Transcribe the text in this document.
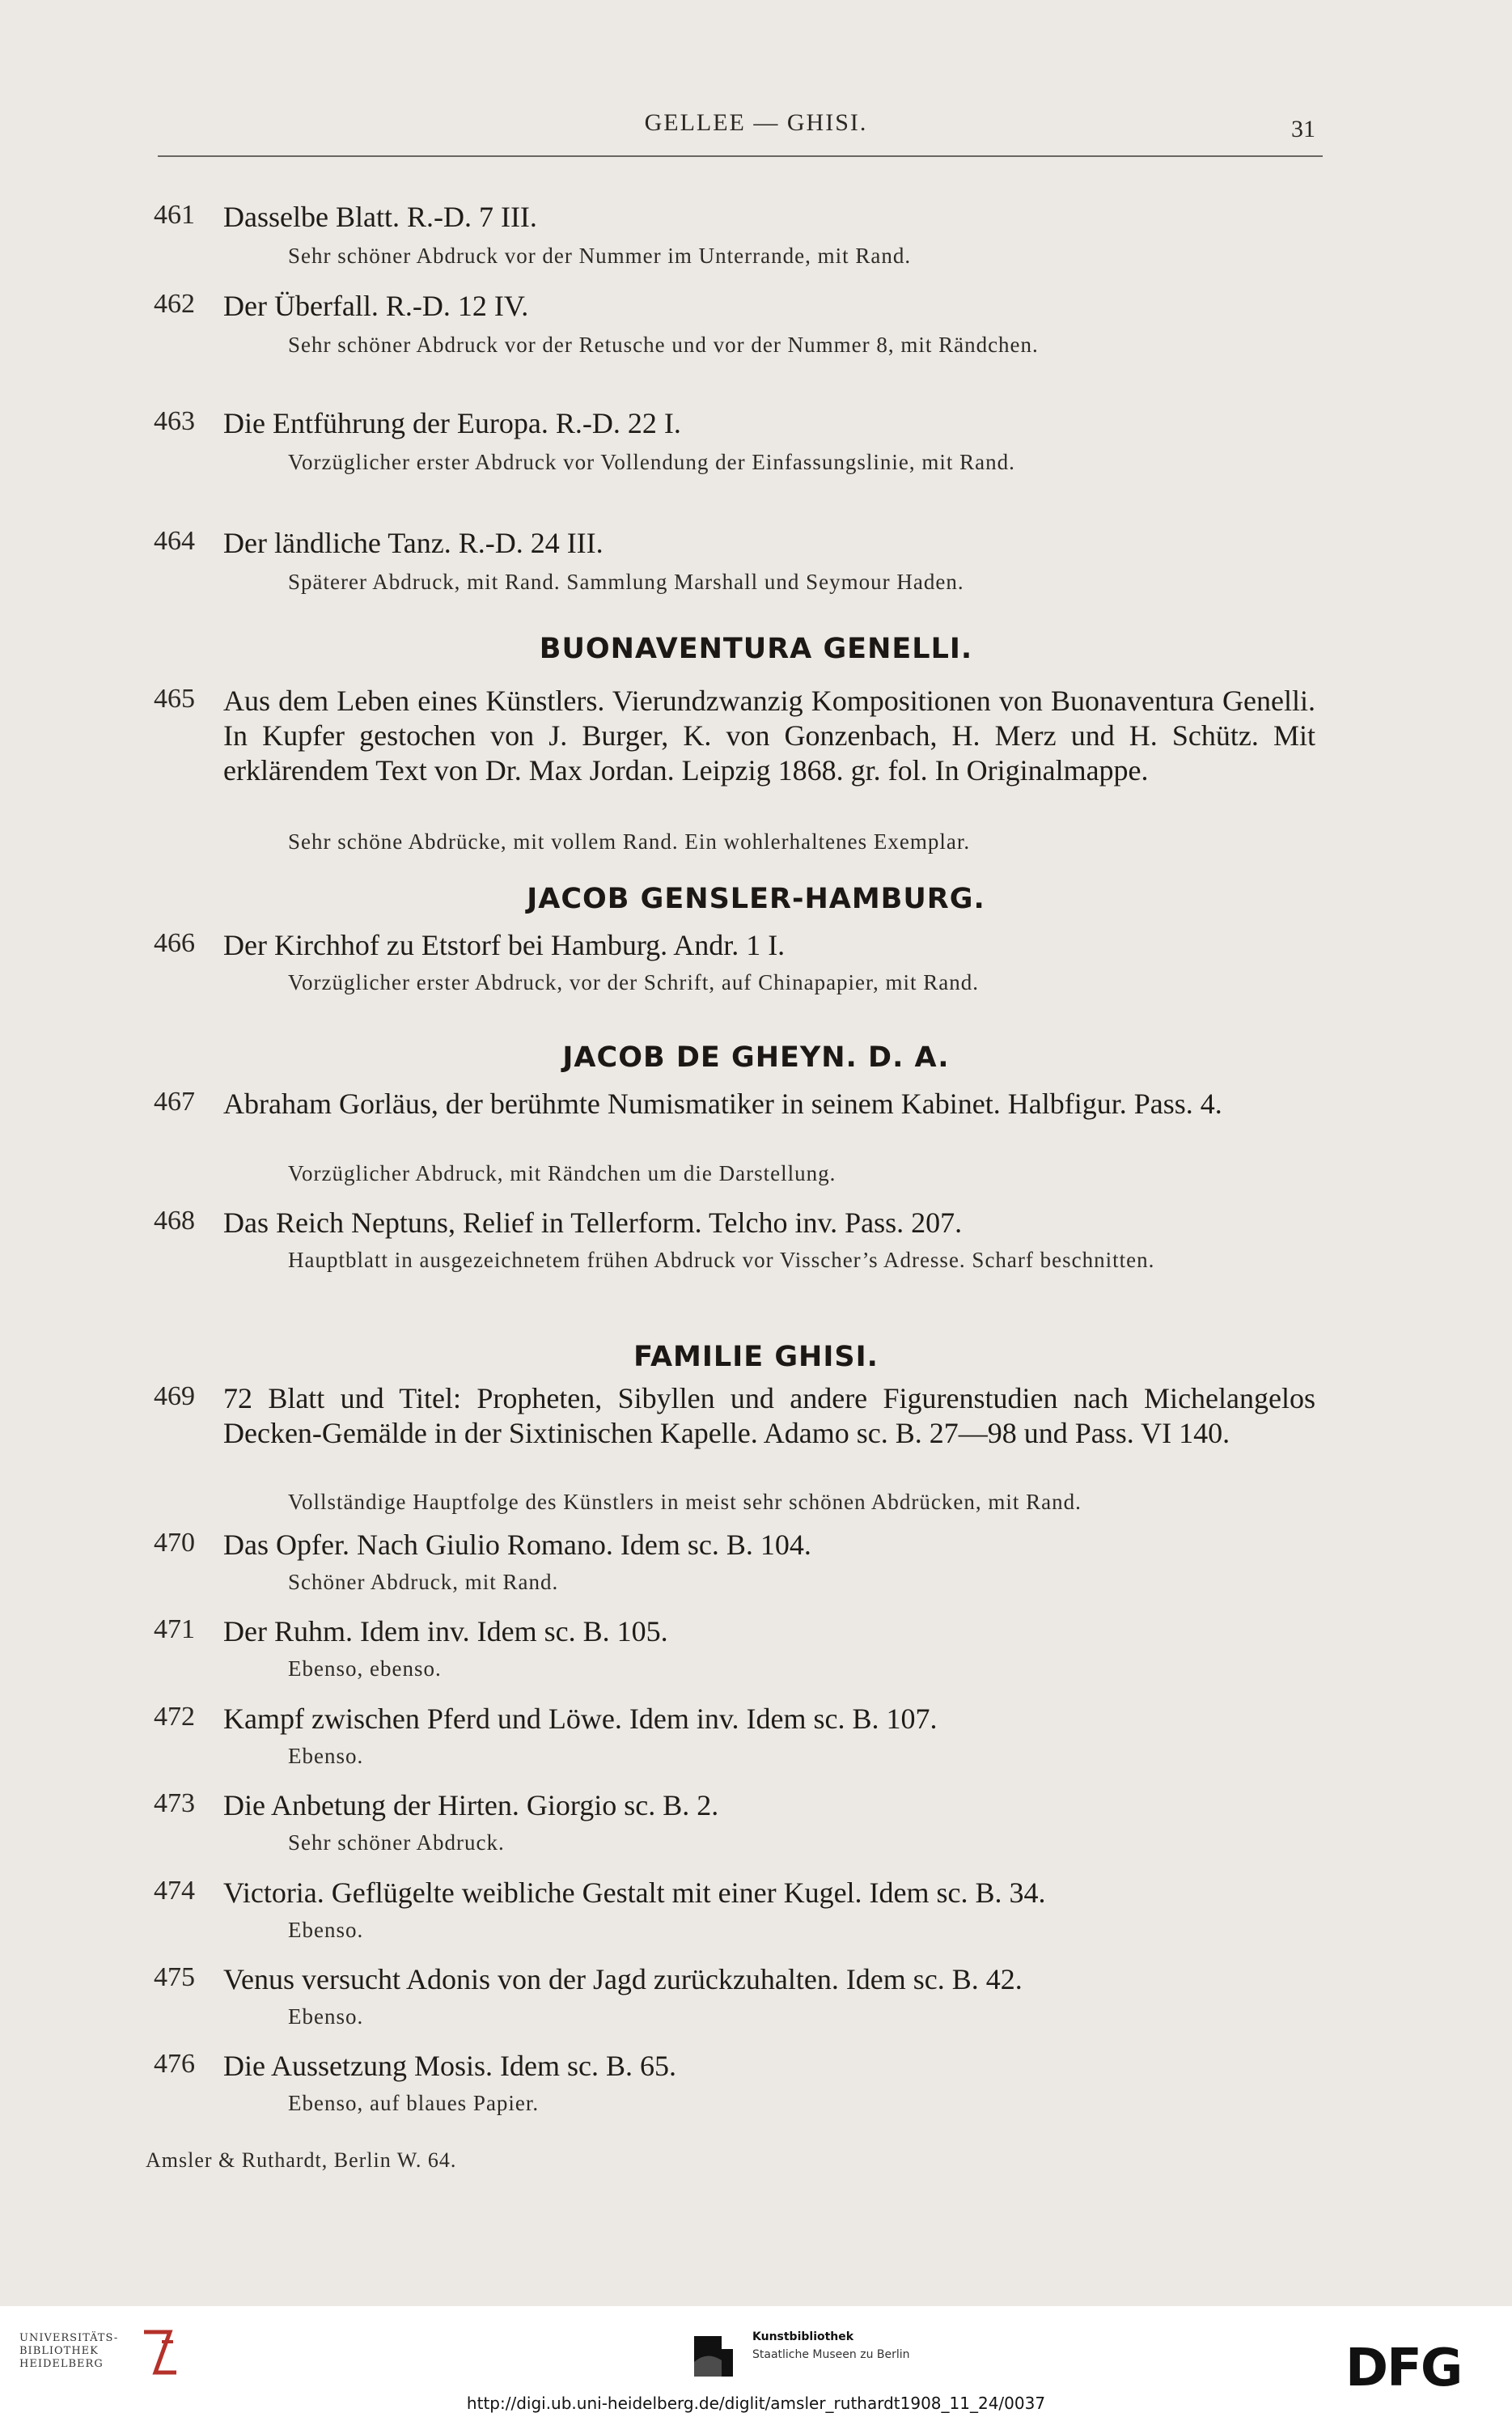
GELLEE — GHISI.	31
461 Dasselbe Blatt. R.-D. 7 III.
Sehr schöner Abdruck vor der Nummer im Unterrande, mit Rand.
462 Der Überfall. R.-D. 12 IV.
Sehr schöner Abdruck vor der Retusche und vor der Nummer 8, mit Rändchen.
463 Die Entführung der Europa. R.-D. 22 I.
Vorzüglicher erster Abdruck vor Vollendung der Einfassungslinie, mit Rand.
464 Der ländliche Tanz. R.-D. 24 III.
Späterer Abdruck, mit Rand. Sammlung Marshall und Seymour Haden.
BUONAVENTURA GENELLI.
465 Aus dem Leben eines Künstlers. Vierundzwanzig Kompositionen von Buonaventura Genelli. In Kupfer gestochen von J. Burger, K. von Gonzenbach, H. Merz und H. Schütz. Mit erklärendem Text von Dr. Max Jordan. Leipzig 1868. gr. fol. In Originalmappe.
Sehr schöne Abdrücke, mit vollem Rand. Ein wohlerhaltenes Exemplar.
JACOB GENSLER-HAMBURG.
466 Der Kirchhof zu Etstorf bei Hamburg. Andr. 1 I.
Vorzüglicher erster Abdruck, vor der Schrift, auf Chinapapier, mit Rand.
JACOB DE GHEYN. D. A.
467 Abraham Gorläus, der berühmte Numismatiker in seinem Kabinet. Halbfigur. Pass. 4.
Vorzüglicher Abdruck, mit Rändchen um die Darstellung.
468 Das Reich Neptuns, Relief in Tellerform. Telcho inv. Pass. 207.
Hauptblatt in ausgezeichnetem frühen Abdruck vor Visscher’s Adresse. Scharf beschnitten.
FAMILIE GHISI.
469 72 Blatt und Titel: Propheten, Sibyllen und andere Figurenstudien nach Michelangelos Decken-Gemälde in der Sixtinischen Kapelle. Adamo sc. B. 27—98 und Pass. VI 140.
Vollständige Hauptfolge des Künstlers in meist sehr schönen Abdrücken, mit Rand.
470 Das Opfer. Nach Giulio Romano. Idem sc. B. 104.
Schöner Abdruck, mit Rand.
471 Der Ruhm. Idem inv. Idem sc. B. 105.
Ebenso, ebenso.
472 Kampf zwischen Pferd und Löwe. Idem inv. Idem sc. B. 107.
Ebenso.
473 Die Anbetung der Hirten. Giorgio sc. B. 2.
Sehr schöner Abdruck.
474 Victoria. Geflügelte weibliche Gestalt mit einer Kugel. Idem sc. B. 34.
Ebenso.
475 Venus versucht Adonis von der Jagd zurückzuhalten. Idem sc. B. 42.
Ebenso.
476 Die Aussetzung Mosis. Idem sc. B. 65.
Ebenso, auf blaues Papier.
Amsler & Ruthardt, Berlin W. 64.
UNIVERSITÄTS-
BIBLIOTHEK
HEIDELBERG
Kunstbibliothek
Staatliche Museen zu Berlin	DFG
http://digi.ub.uni-heidelberg.de/diglit/amsler_ruthardt1908_11_24/0037
